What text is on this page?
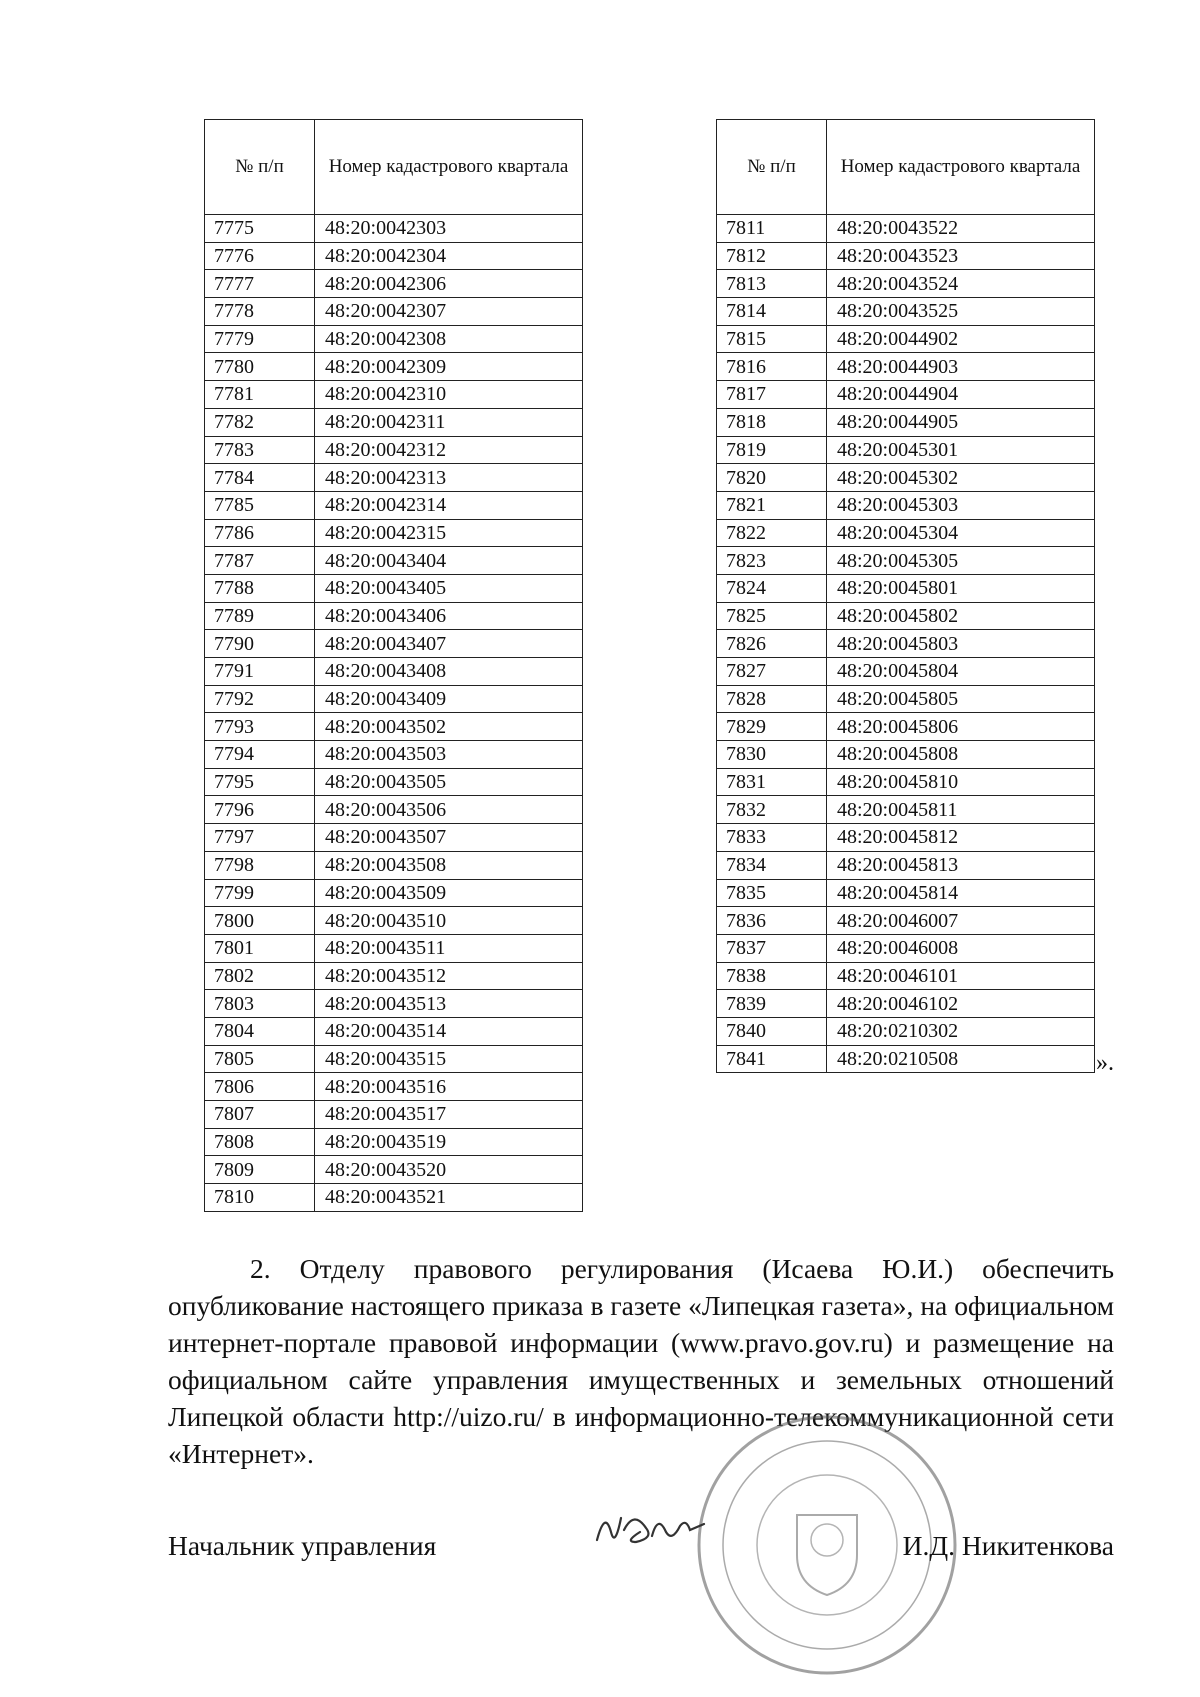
№ п/п	Номер кадастрового квартала
7775	48:20:0042303
7776	48:20:0042304
7777	48:20:0042306
7778	48:20:0042307
7779	48:20:0042308
7780	48:20:0042309
7781	48:20:0042310
7782	48:20:0042311
7783	48:20:0042312
7784	48:20:0042313
7785	48:20:0042314
7786	48:20:0042315
7787	48:20:0043404
7788	48:20:0043405
7789	48:20:0043406
7790	48:20:0043407
7791	48:20:0043408
7792	48:20:0043409
7793	48:20:0043502
7794	48:20:0043503
7795	48:20:0043505
7796	48:20:0043506
7797	48:20:0043507
7798	48:20:0043508
7799	48:20:0043509
7800	48:20:0043510
7801	48:20:0043511
7802	48:20:0043512
7803	48:20:0043513
7804	48:20:0043514
7805	48:20:0043515
7806	48:20:0043516
7807	48:20:0043517
7808	48:20:0043519
7809	48:20:0043520
7810	48:20:0043521
№ п/п	Номер кадастрового квартала
7811	48:20:0043522
7812	48:20:0043523
7813	48:20:0043524
7814	48:20:0043525
7815	48:20:0044902
7816	48:20:0044903
7817	48:20:0044904
7818	48:20:0044905
7819	48:20:0045301
7820	48:20:0045302
7821	48:20:0045303
7822	48:20:0045304
7823	48:20:0045305
7824	48:20:0045801
7825	48:20:0045802
7826	48:20:0045803
7827	48:20:0045804
7828	48:20:0045805
7829	48:20:0045806
7830	48:20:0045808
7831	48:20:0045810
7832	48:20:0045811
7833	48:20:0045812
7834	48:20:0045813
7835	48:20:0045814
7836	48:20:0046007
7837	48:20:0046008
7838	48:20:0046101
7839	48:20:0046102
7840	48:20:0210302
7841	48:20:0210508	».
2. Отделу правового регулирования (Исаева Ю.И.) обеспечить опубликование настоящего приказа в газете «Липецкая газета», на официальном интернет-портале правовой информации (www.pravo.gov.ru) и размещение на официальном сайте управления имущественных и земельных отношений Липецкой области http://uizo.ru/ в информационно-телекоммуникационной сети «Интернет».
Начальник управления	И.Д. Никитенкова
